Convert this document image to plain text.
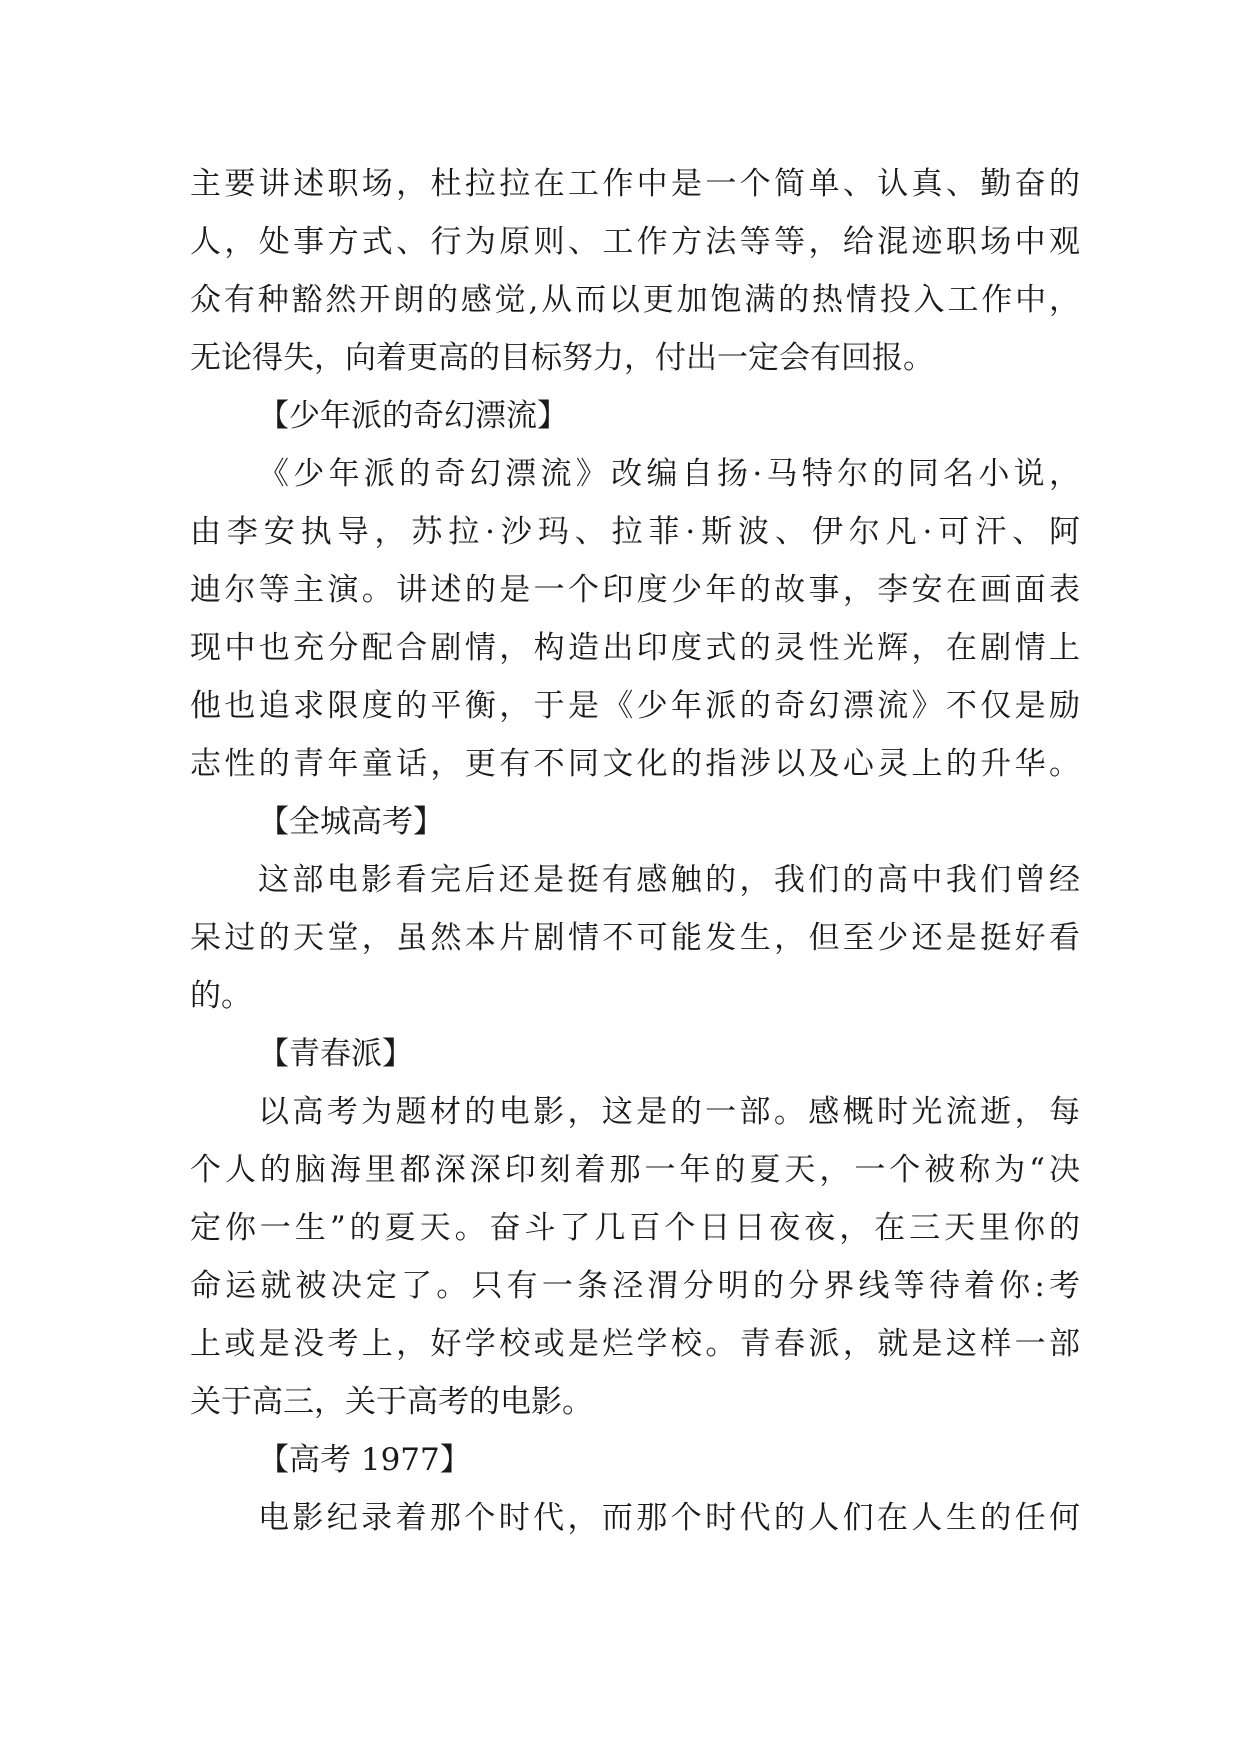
主要讲述职场，杜拉拉在工作中是一个简单、认真、勤奋的
人，处事方式、行为原则、工作方法等等，给混迹职场中观
众有种豁然开朗的感觉,从而以更加饱满的热情投入工作中，
无论得失，向着更高的目标努力，付出一定会有回报。
【少年派的奇幻漂流】
《少年派的奇幻漂流》改编自扬·马特尔的同名小说，
由李安执导，苏拉·沙玛、拉菲·斯波、伊尔凡·可汗、阿
迪尔等主演。讲述的是一个印度少年的故事，李安在画面表
现中也充分配合剧情，构造出印度式的灵性光辉，在剧情上
他也追求限度的平衡，于是《少年派的奇幻漂流》不仅是励
志性的青年童话，更有不同文化的指涉以及心灵上的升华。
【全城高考】
这部电影看完后还是挺有感触的，我们的高中我们曾经
呆过的天堂，虽然本片剧情不可能发生，但至少还是挺好看
的。
【青春派】
以高考为题材的电影，这是的一部。感概时光流逝，每
个人的脑海里都深深印刻着那一年的夏天，一个被称为“决
定你一生”的夏天。奋斗了几百个日日夜夜，在三天里你的
命运就被决定了。只有一条泾渭分明的分界线等待着你:考
上或是没考上，好学校或是烂学校。青春派，就是这样一部
关于高三，关于高考的电影。
【高考 1977】
电影纪录着那个时代，而那个时代的人们在人生的任何
